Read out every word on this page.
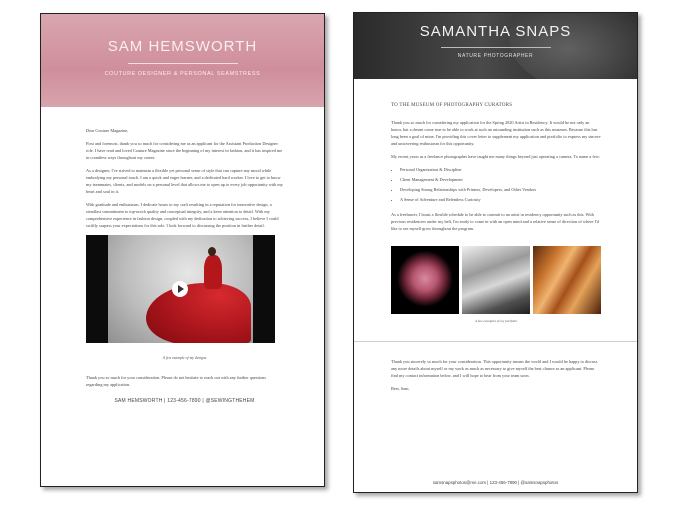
SAM HEMSWORTH
COUTURE DESIGNER & PERSONAL SEAMSTRESS

Dear Couture Magazine,

First and foremost, thank you so much for considering me as an applicant for the Assistant Production Designer role. I have read and loved Couture Magazine since the beginning of my interest in fashion, and it has inspired me in countless ways throughout my career.

As a designer, I've strived to maintain a flexible yet personal sense of style that can capture any mood while embodying my personal touch. I am a quick and eager learner, and a dedicated hard worker. I love to get to know my teammates, clients, and models on a personal level that allows me to open up to every job opportunity with my heart and soul in it.

With gratitude and enthusiasm, I dedicate hours to my craft resulting in a reputation for innovative design, a steadfast commitment to top-notch quality and conceptual integrity, and a keen attention to detail. With my comprehensive experience in fashion design, coupled with my dedication to achieving success, I believe I could swiftly surpass your expectations for this role. I look forward to discussing the position in further detail.

A few example of my designs

Thank you so much for your consideration. Please do not hesitate to reach out with any further questions regarding my application.

SAM HEMSWORTH | 123-456-7890 | @SEWINGTHEHEM
SAMANTHA SNAPS
NATURE PHOTOGRAPHER
TO THE MUSEUM OF PHOTOGRAPHY CURATORS

Thank you so much for considering my application for the Spring 2020 Artist in Residency. It would be not only an honor, but a dream come true to be able to work at such an astounding institution such as this museum. Because this has long been a goal of mine, I'm providing this cover letter to supplement my application and portfolio to express my sincere and unwavering enthusiasm for this opportunity.

My recent years as a freelance photographer have taught me many things beyond just operating a camera. To name a few:

• Personal Organization & Discipline
• Client Management & Development
• Developing Strong Relationships with Printers, Developers, and Other Vendors
• A Sense of Adventure and Relentless Curiosity

As a freelancer, I boast a flexible schedule to be able to commit to an artist in residency opportunity such as this. With previous residencies under my belt, I'm ready to come in with an open mind and a relative sense of direction of where I'd like to see myself grow throughout the program.

A few examples of my portfolio

Thank you sincerely so much for your consideration. This opportunity means the world and I would be happy to discuss any more details about myself or my work as much as necessary to give myself the best chance as an applicant. Please find my contact information below, and I will hope to hear from your team soon.

Best, Sam.

samsnapsphotos@me.com | 123-456-7890 | @samsnapsphotos
